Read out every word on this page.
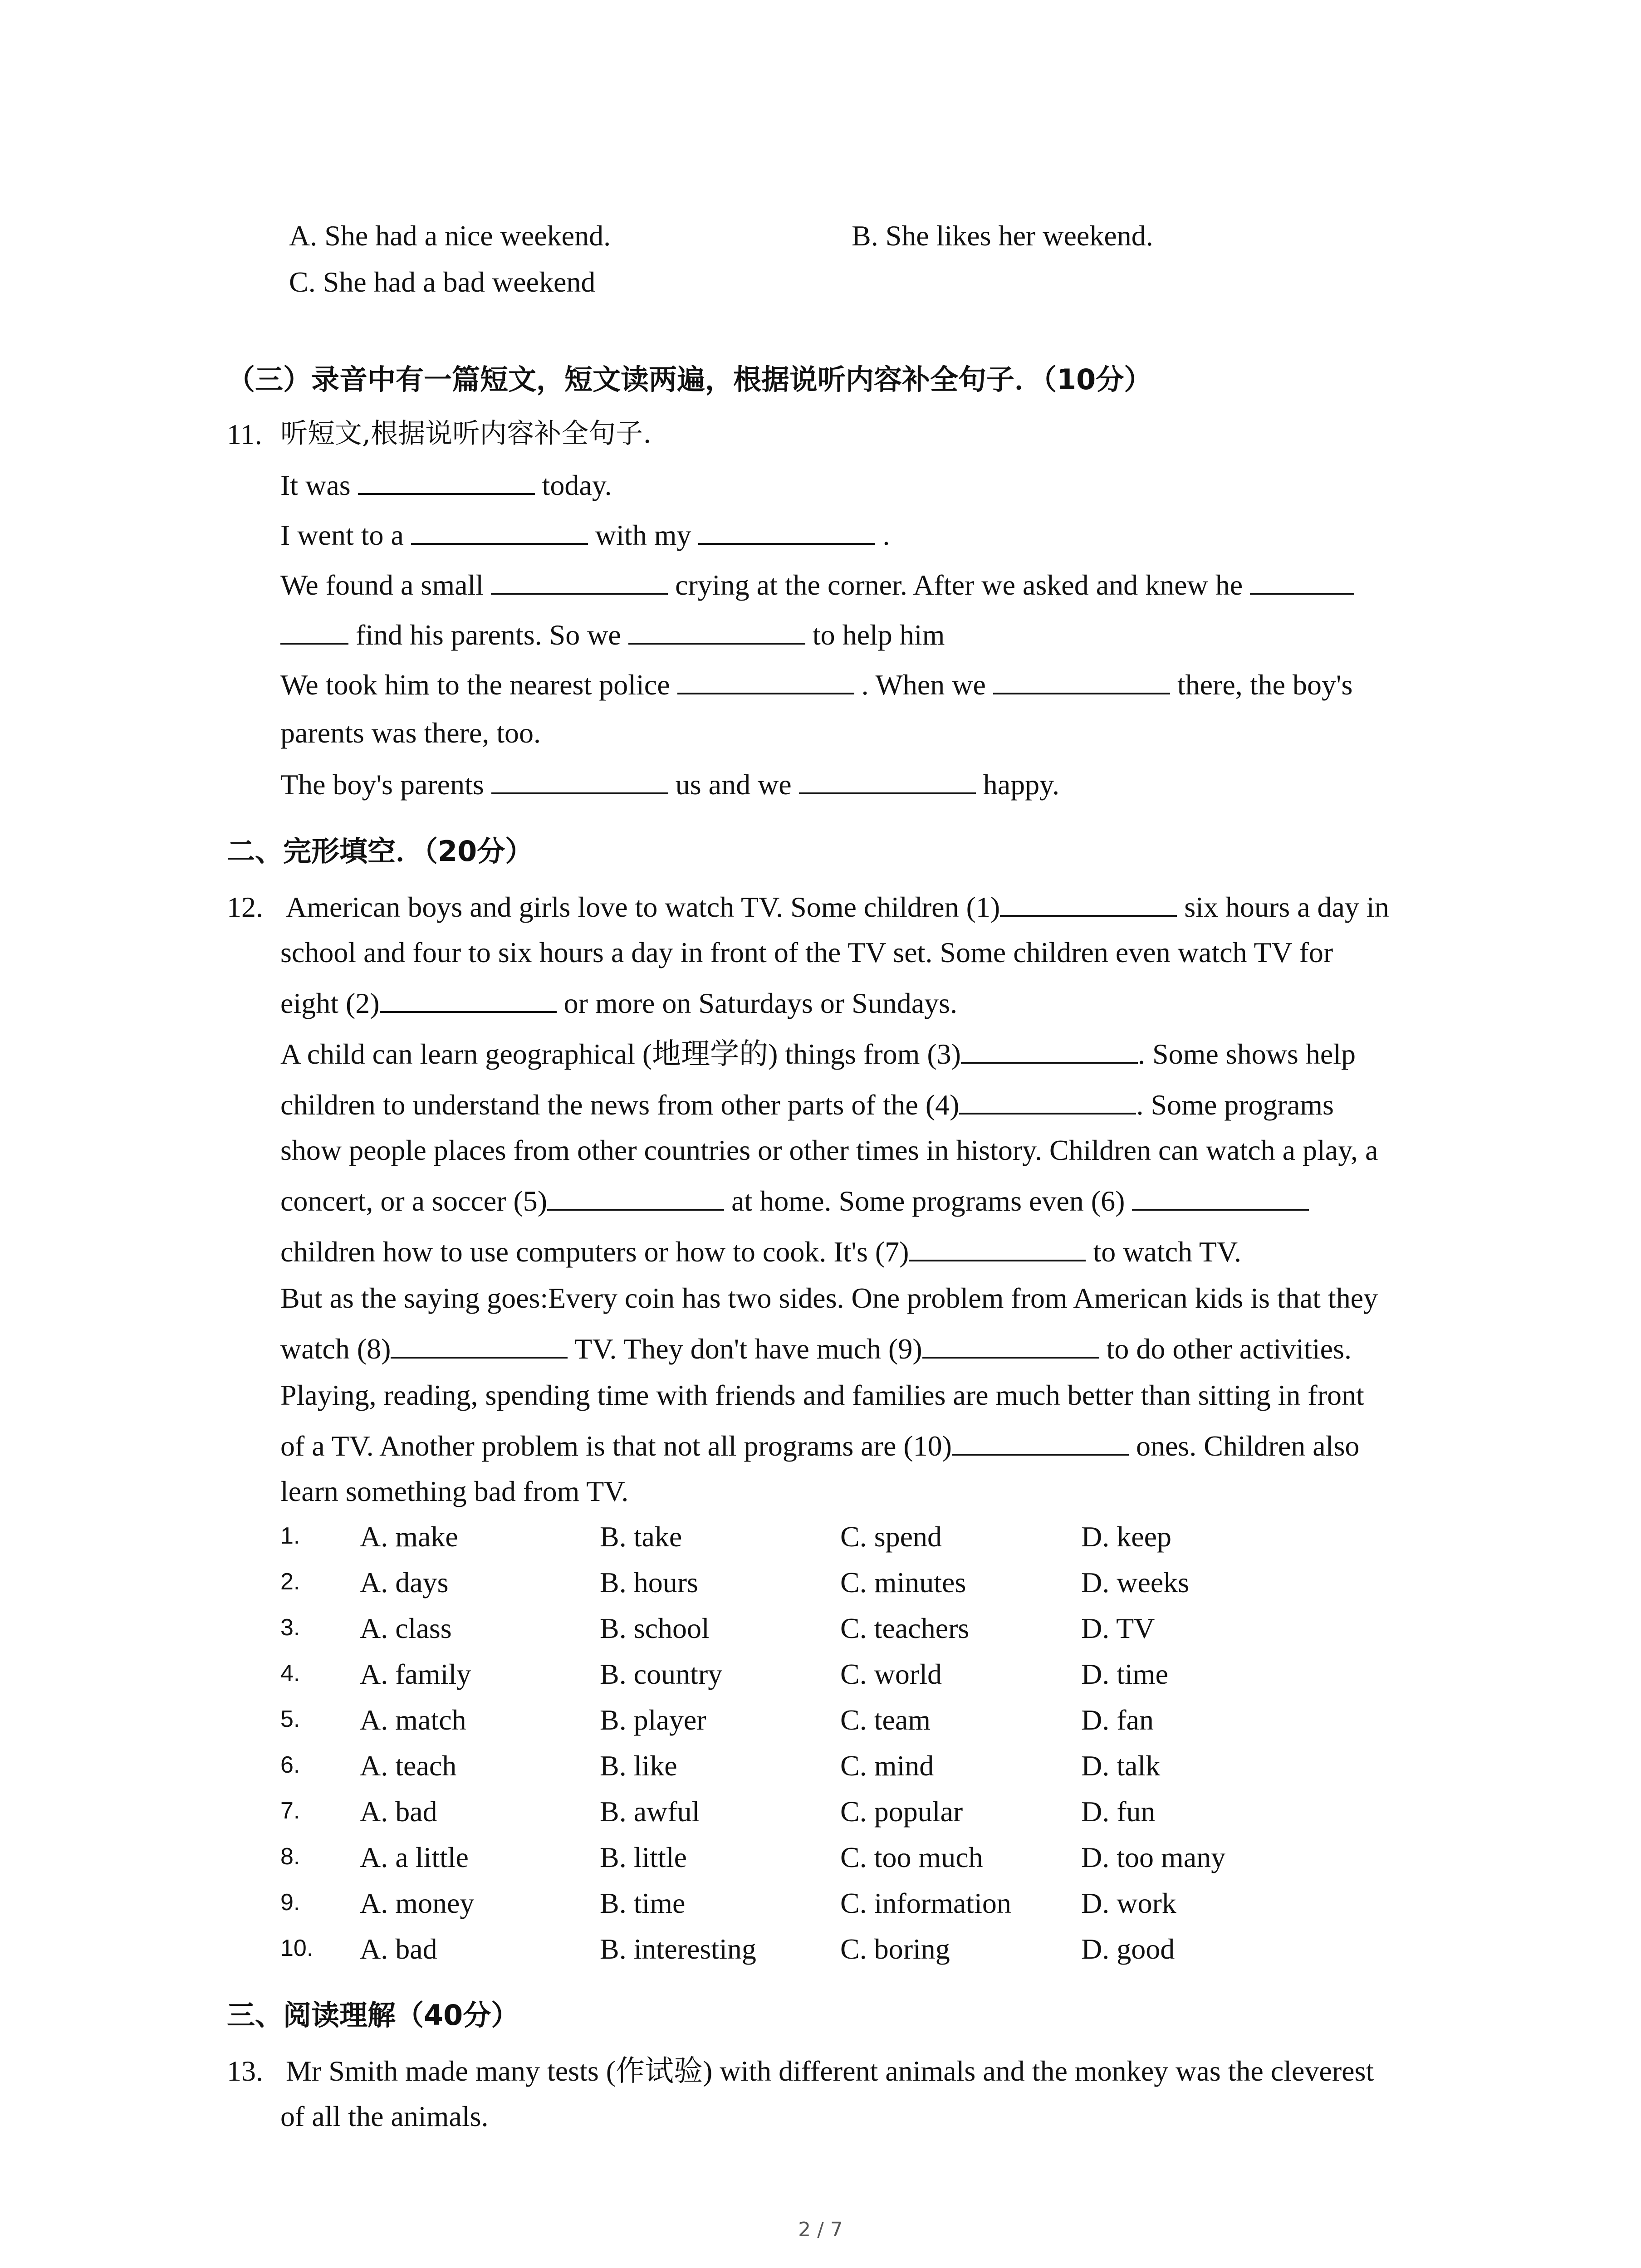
A. She had a nice weekend.	B. She likes her weekend.
C. She had a bad weekend
（三）录音中有一篇短文，短文读两遍，根据说听内容补全句子．（10分）
11. 听短文,根据说听内容补全句子.
It was	today.
I went to a	with my	.
We found a small	crying at the corner. After we asked and knew he
find his parents. So we	to help him
We took him to the nearest police	. When we	there, the boy's
parents was there, too.
The boy's parents	us and we	happy.
二、完形填空．（20分）
12. American boys and girls love to watch TV. Some children (1)	six hours a day in
school and four to six hours a day in front of the TV set. Some children even watch TV for
eight (2)	or more on Saturdays or Sundays.
A child can learn geographical (地理学的) things from (3)	. Some shows help
children to understand the news from other parts of the (4)	. Some programs
show people places from other countries or other times in history. Children can watch a play, a
concert, or a soccer (5)	at home. Some programs even (6)
children how to use computers or how to cook. It's (7)	to watch TV.
But as the saying goes:Every coin has two sides. One problem from American kids is that they
watch (8)	TV. They don't have much (9)	to do other activities.
Playing, reading, spending time with friends and families are much better than sitting in front
of a TV. Another problem is that not all programs are (10)	ones. Children also
learn something bad from TV.
1. A. make	B. take	C. spend	D. keep
2. A. days	B. hours	C. minutes	D. weeks
3. A. class	B. school	C. teachers	D. TV
4. A. family	B. country	C. world	D. time
5. A. match	B. player	C. team	D. fan
6. A. teach	B. like	C. mind	D. talk
7. A. bad	B. awful	C. popular	D. fun
8. A. a little	B. little	C. too much	D. too many
9. A. money	B. time	C. information D. work
10. A. bad	B. interesting	C. boring	D. good
三、阅读理解（40分）
13. Mr Smith made many tests (作试验) with different animals and the monkey was the cleverest
of all the animals.
2 / 7
